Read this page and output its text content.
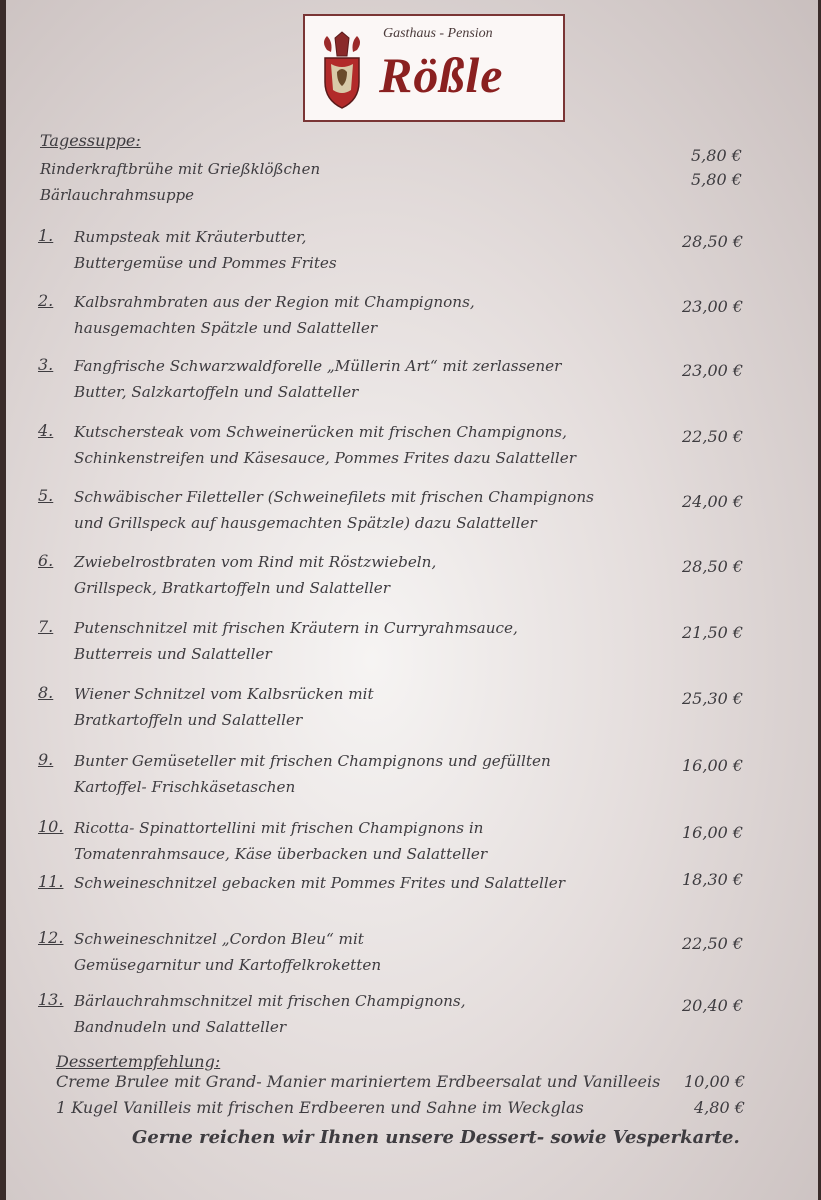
Gasthaus - Pension
Rößle
Tagessuppe:
Rinderkraftbrühe mit Grießklößchen
5,80 €
Bärlauchrahmsuppe
5,80 €
1. Rumpsteak mit Kräuterbutter,
Buttergemüse und Pommes Frites
28,50 €
2. Kalbsrahmbraten aus der Region mit Champignons,
hausgemachten Spätzle und Salatteller
23,00 €
3. Fangfrische Schwarzwaldforelle „Müllerin Art“ mit zerlassener
Butter, Salzkartoffeln und Salatteller
23,00 €
4. Kutschersteak vom Schweinerücken mit frischen Champignons,
Schinkenstreifen und Käsesauce, Pommes Frites dazu Salatteller
22,50 €
5. Schwäbischer Filetteller (Schweinefilets mit frischen Champignons
und Grillspeck auf hausgemachten Spätzle) dazu Salatteller
24,00 €
6. Zwiebelrostbraten vom Rind mit Röstzwiebeln,
Grillspeck, Bratkartoffeln und Salatteller
28,50 €
7. Putenschnitzel mit frischen Kräutern in Curryrahmsauce,
Butterreis und Salatteller
21,50 €
8. Wiener Schnitzel vom Kalbsrücken mit
Bratkartoffeln und Salatteller
25,30 €
9. Bunter Gemüseteller mit frischen Champignons und gefüllten
Kartoffel- Frischkäsetaschen
16,00 €
10. Ricotta- Spinattortellini mit frischen Champignons in
Tomatenrahmsauce, Käse überbacken und Salatteller
16,00 €
11. Schweineschnitzel gebacken mit Pommes Frites und Salatteller	18,30 €
12. Schweineschnitzel „Cordon Bleu“ mit
Gemüsegarnitur und Kartoffelkroketten
22,50 €
13. Bärlauchrahmschnitzel mit frischen Champignons,
Bandnudeln und Salatteller
20,40 €
Dessertempfehlung:
Creme Brulee mit Grand- Manier mariniertem Erdbeersalat und Vanilleeis 10,00 €
1 Kugel Vanilleis mit frischen Erdbeeren und Sahne im Weckglas	4,80 €
Gerne reichen wir Ihnen unsere Dessert- sowie Vesperkarte.
